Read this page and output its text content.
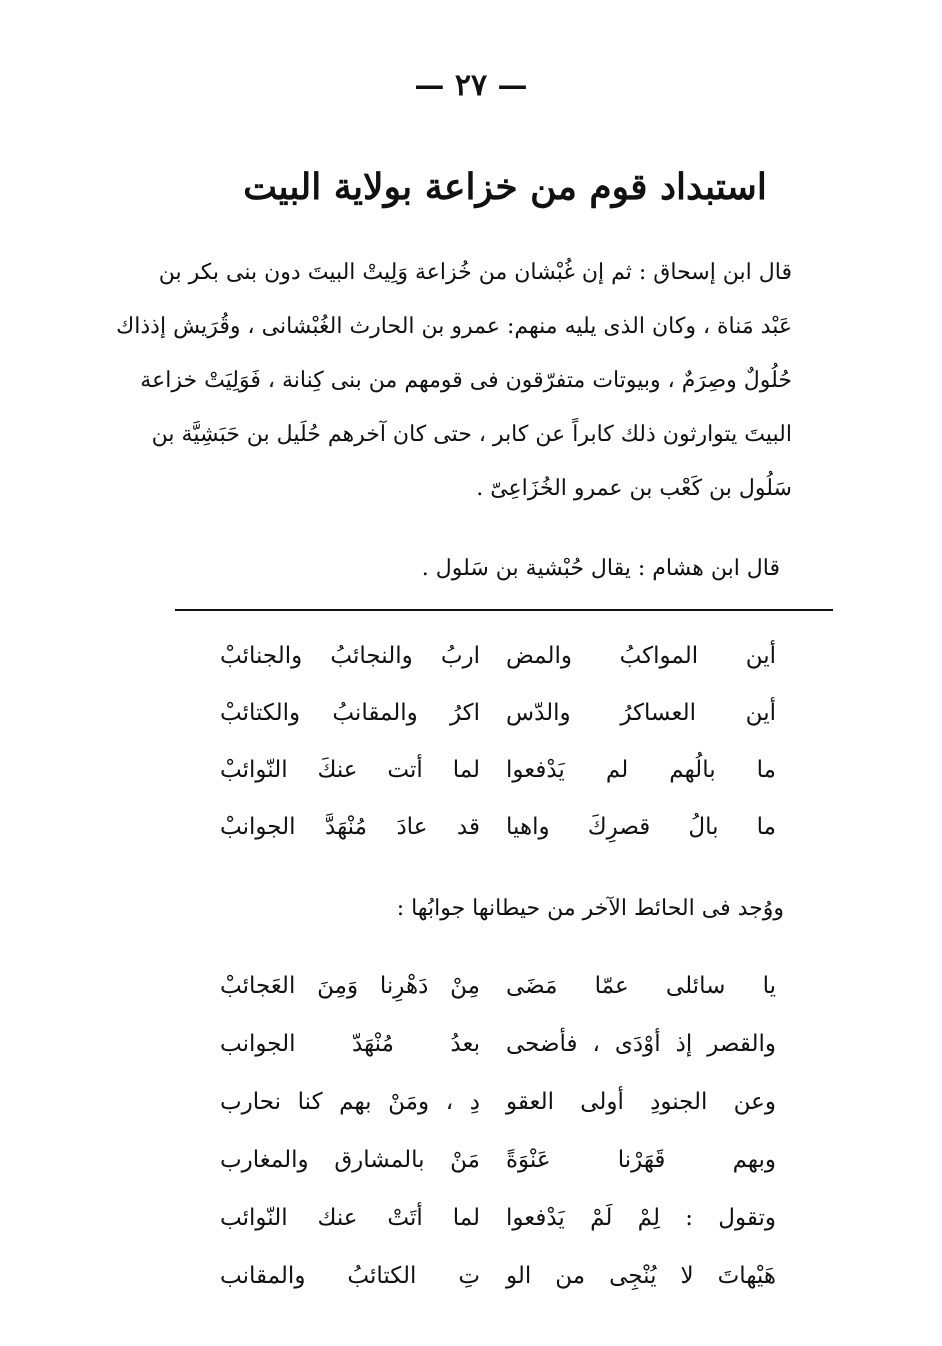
— ٢٧ —
استبداد قوم من خزاعة بولاية البيت
قال ابن إسحاق : ثم إن غُبْشان من خُزاعة وَلِيتْ البيتَ دون بنى بكر بن
عَبْد مَناة ، وكان الذى يليه منهم: عمرو بن الحارث الغُبْشانى ، وقُرَيش إذذاك
حُلُولٌ وصِرَمٌ ، وبيوتات متفرّقون فى قومهم من بنى كِنانة ، فَوَلِيَتْ خزاعة
البيتَ يتوارثون ذلك كابراً عن كابر ، حتى كان آخرهم حُلَيل بن حَبَشِيَّة بن
سَلُول بن كَعْب بن عمرو الخُزَاعِىّ .
قال ابن هشام : يقال حُبْشية بن سَلول .
أين المواكبُ والمض
اربُ والنجائبُ والجنائبْ
أين العساكرُ والدّس
اكرُ والمقانبُ والكتائبْ
ما بالُهم لم يَدْفعوا
لما أتت عنكَ النّوائبْ
ما بالُ قصرِكَ واهيا
قد عادَ مُنْهَدَّ الجوانبْ
ووُجد فى الحائط الآخر من حيطانها جوابُها :
يا سائلى عمّا مَضَى
مِنْ دَهْرِنا وَمِنَ العَجائبْ
والقصر إذ أوْدَى ، فأضحى
بعدُ مُنْهَدّ الجوانب
وعن الجنودِ أولى العقو
دِ ، ومَنْ بهم كنا نحارب
وبهم قَهَرْنا عَنْوَةً
مَنْ بالمشارق والمغارب
وتقول : لِمْ لَمْ يَدْفعوا
لما أتَتْ عنك النّوائب
هَيْهاتَ لا يُنْجِى من الو
تِ الكتائبُ والمقانب
